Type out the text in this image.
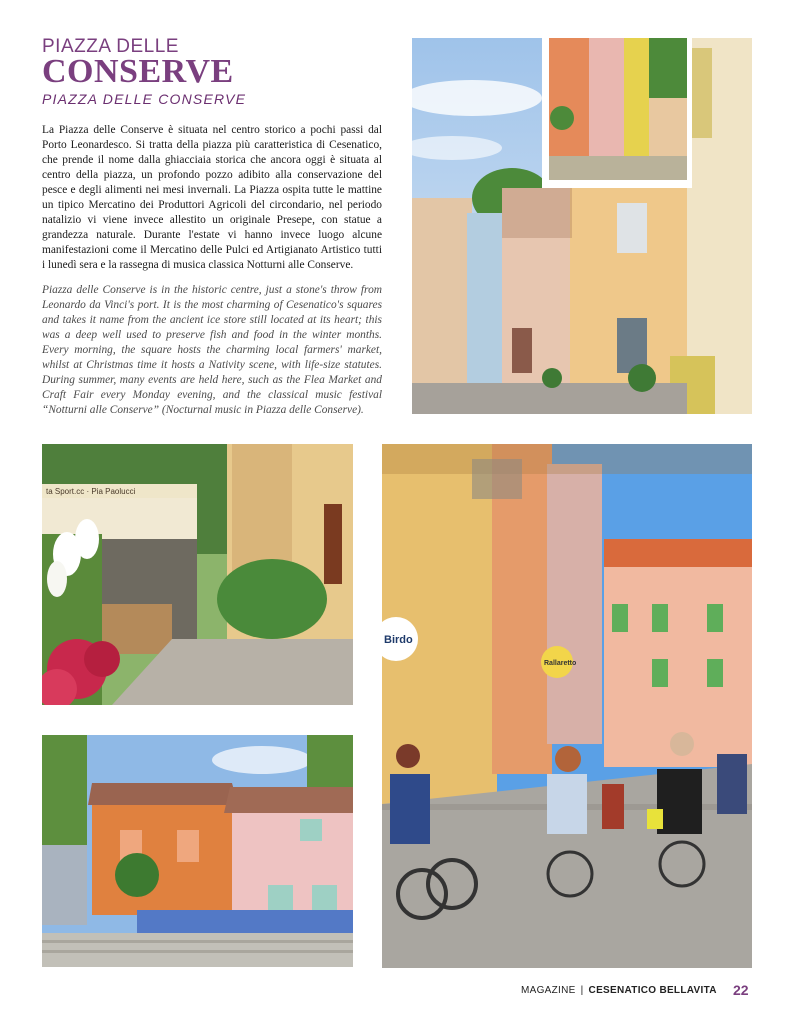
PIAZZA DELLE
CONSERVE
PIAZZA DELLE CONSERVE

La Piazza delle Conserve è situata nel centro storico a pochi passi dal Porto Leonardesco. Si tratta della piazza più caratteristica di Cesenatico, che prende il nome dalla ghiacciaia storica che ancora oggi è situata al centro della piazza, un profondo pozzo adibito alla conservazione del pesce e degli alimenti nei mesi invernali. La Piazza ospita tutte le mattine un tipico Mercatino dei Produttori Agricoli del circondario, nel periodo natalizio vi viene invece allestito un originale Presepe, con statue a grandezza naturale. Durante l'estate vi hanno invece luogo alcune manifestazioni come il Mercatino delle Pulci ed Artigianato Artistico tutti i lunedì sera e la rassegna di musica classica Notturni alle Conserve.

Piazza delle Conserve is in the historic centre, just a stone's throw from Leonardo da Vinci's port. It is the most charming of Cesenatico's squares and takes it name from the ancient ice store still located at its heart; this was a deep well used to preserve fish and food in the winter months. Every morning, the square hosts the charming local farmers' market, whilst at Christmas time it hosts a Nativity scene, with life-size statutes. During summer, many events are held here, such as the Flea Market and Craft Fair every Monday evening, and the classical music festival “Notturni alle Conserve” (Nocturnal music in Piazza delle Conserve).

ta Sport.cc · Pia Paolucci
Birdo
Rallaretto
MAGAZINE | CESENATICO BELLAVITA 22
